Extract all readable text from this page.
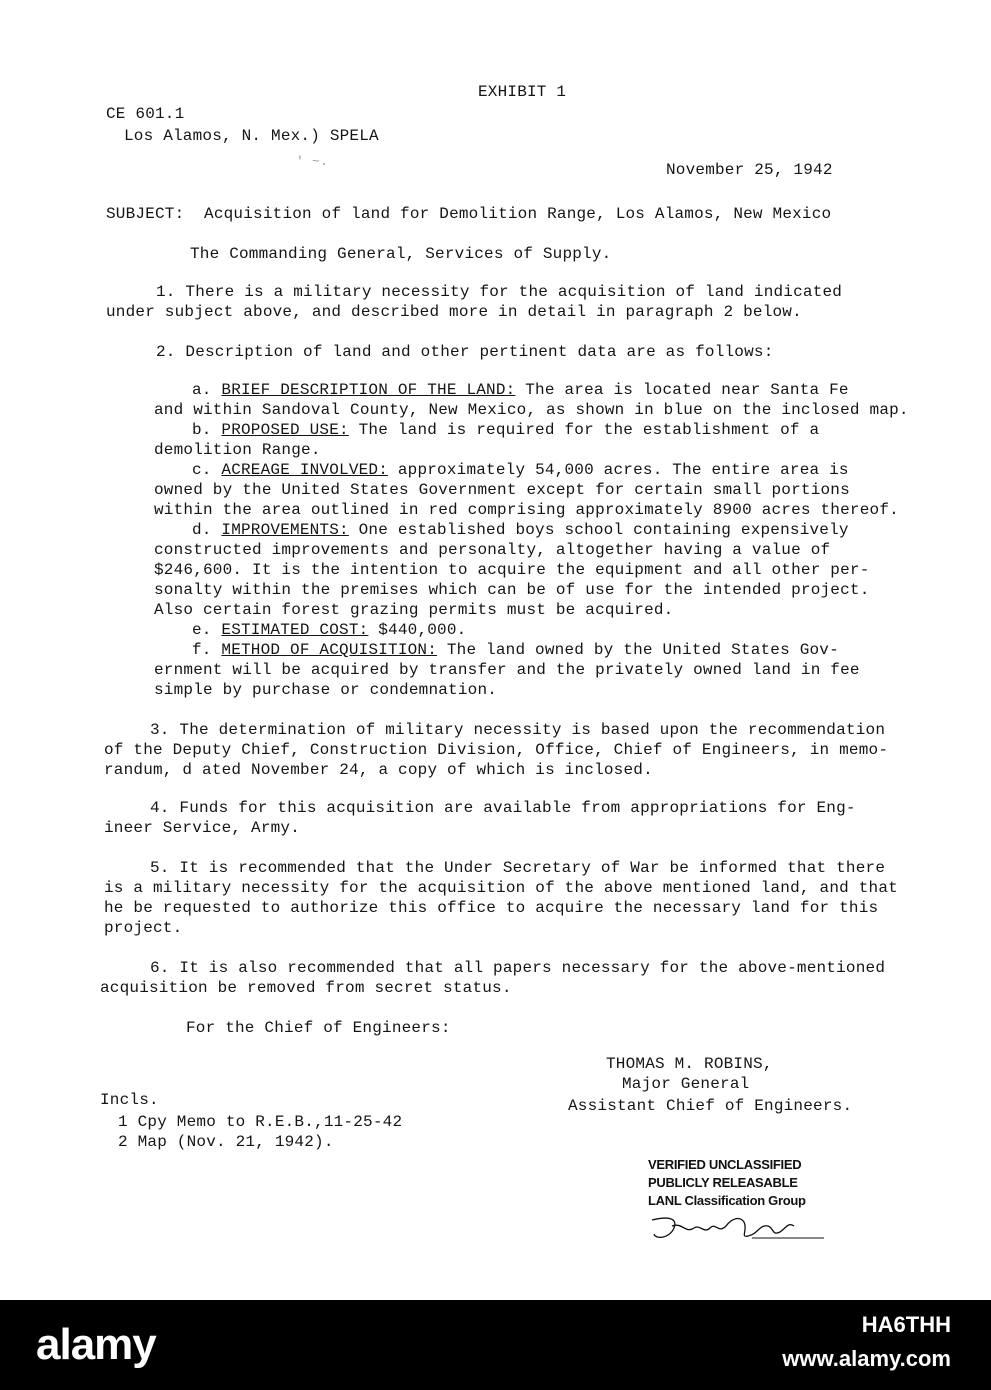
EXHIBIT 1
CE 601.1
Los Alamos, N. Mex.) SPELA
' ~.	November 25, 1942
SUBJECT: Acquisition of land for Demolition Range, Los Alamos, New Mexico
The Commanding General, Services of Supply.
1. There is a military necessity for the acquisition of land indicated
under subject above, and described more in detail in paragraph 2 below.
2. Description of land and other pertinent data are as follows:
a. BRIEF DESCRIPTION OF THE LAND: The area is located near Santa Fe
and within Sandoval County, New Mexico, as shown in blue on the inclosed map.
b. PROPOSED USE: The land is required for the establishment of a
demolition Range.
c. ACREAGE INVOLVED: approximately 54,000 acres. The entire area is
owned by the United States Government except for certain small portions
within the area outlined in red comprising approximately 8900 acres thereof.
d. IMPROVEMENTS: One established boys school containing expensively
constructed improvements and personalty, altogether having a value of
$246,600. It is the intention to acquire the equipment and all other per-
sonalty within the premises which can be of use for the intended project.
Also certain forest grazing permits must be acquired.
e. ESTIMATED COST: $440,000.
f. METHOD OF ACQUISITION: The land owned by the United States Gov-
ernment will be acquired by transfer and the privately owned land in fee
simple by purchase or condemnation.
3. The determination of military necessity is based upon the recommendation
of the Deputy Chief, Construction Division, Office, Chief of Engineers, in memo-
randum, d ated November 24, a copy of which is inclosed.
4. Funds for this acquisition are available from appropriations for Eng-
ineer Service, Army.
5. It is recommended that the Under Secretary of War be informed that there
is a military necessity for the acquisition of the above mentioned land, and that
he be requested to authorize this office to acquire the necessary land for this
project.
6. It is also recommended that all papers necessary for the above-mentioned
acquisition be removed from secret status.
For the Chief of Engineers:
THOMAS M. ROBINS,
Major General
Assistant Chief of Engineers.
Incls.
1 Cpy Memo to R.E.B.,11-25-42
2 Map (Nov. 21, 1942).
VERIFIED UNCLASSIFIED
PUBLICLY RELEASABLE
LANL Classification Group
alamy	HA6THH
www.alamy.com
